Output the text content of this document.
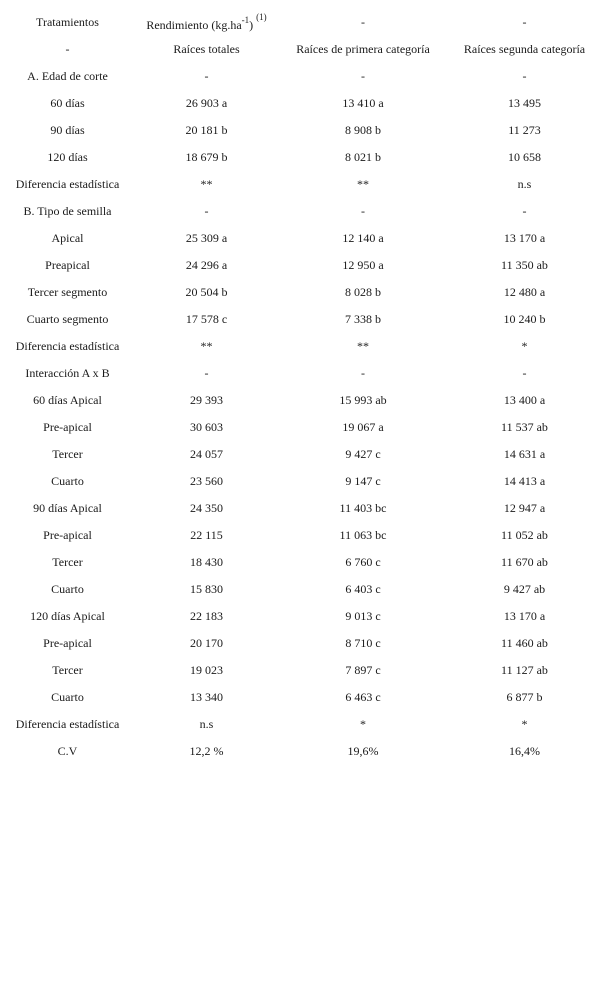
Tratamientos	Rendimiento $(kg.ha^{-1})$ $^{(1)}$	-	-
-	Raíces totales	Raíces de primera categoría	Raíces segunda categoría
A. Edad de corte	-	-	-
60 días	26 903 a	13 410 a	13 495
90 días	20 181 b	8 908 b	11 273
120 días	18 679 b	8 021 b	10 658
Diferencia estadística	**	**	n.s
B. Tipo de semilla	-	-	-
Apical	25 309 a	12 140 a	13 170 a
Preapical	24 296 a	12 950 a	11 350 ab
Tercer segmento	20 504 b	8 028 b	12 480 a
Cuarto segmento	17 578 c	7 338 b	10 240 b
Diferencia estadística	**	**	*
Interacción A x B	-	-	-
60 días Apical	29 393	15 993 ab	13 400 a
Pre-apical	30 603	19 067 a	11 537 ab
Tercer	24 057	9 427 c	14 631 a
Cuarto	23 560	9 147 c	14 413 a
90 días Apical	24 350	11 403 bc	12 947 a
Pre-apical	22 115	11 063 bc	11 052 ab
Tercer	18 430	6 760 c	11 670 ab
Cuarto	15 830	6 403 c	9 427 ab
120 días Apical	22 183	9 013 c	13 170 a
Pre-apical	20 170	8 710 c	11 460 ab
Tercer	19 023	7 897 c	11 127 ab
Cuarto	13 340	6 463 c	6 877 b
Diferencia estadística	n.s	*	*
C.V	12,2 %	19,6%	16,4%
